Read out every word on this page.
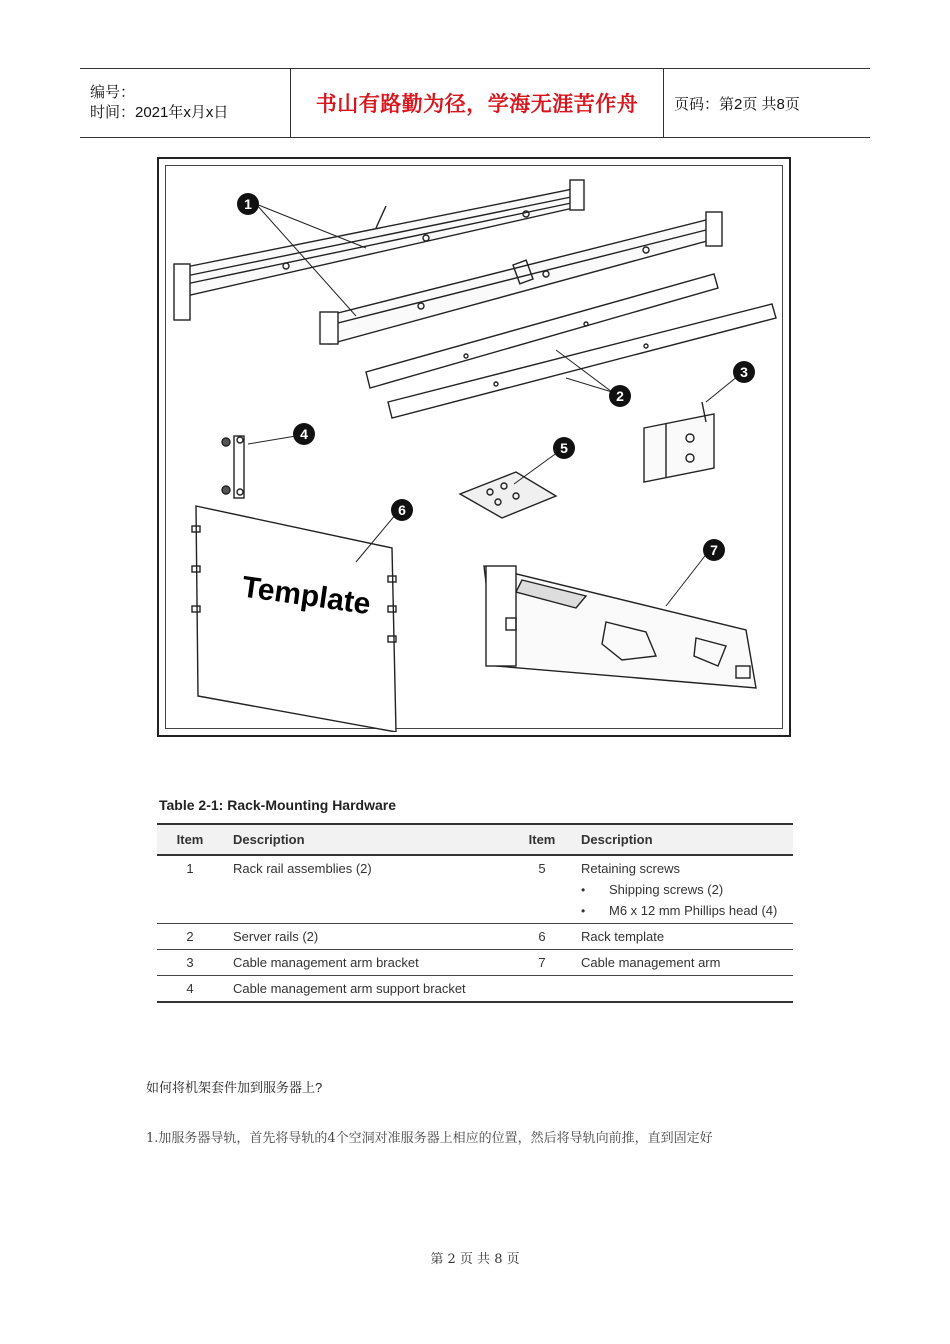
编号：
时间：2021年x月x日	书山有路勤为径，学海无涯苦作舟 页码：第2页 共8页
Template
1
2
3
4
5
6
7
Table 2-1: Rack-Mounting Hardware
Item	Description	Item	Description
1	Rack rail assemblies (2)	5	Retaining screws
• Shipping screws (2)
• M6 x 12 mm Phillips head (4)

2	Server rails (2)	6	Rack template
3	Cable management arm bracket	7	Cable management arm
4	Cable management arm support bracket		
如何将机架套件加到服务器上?
1.加服务器导轨，首先将导轨的4个空洞对准服务器上相应的位置，然后将导轨向前推，直到固定好
第 2 页 共 8 页
